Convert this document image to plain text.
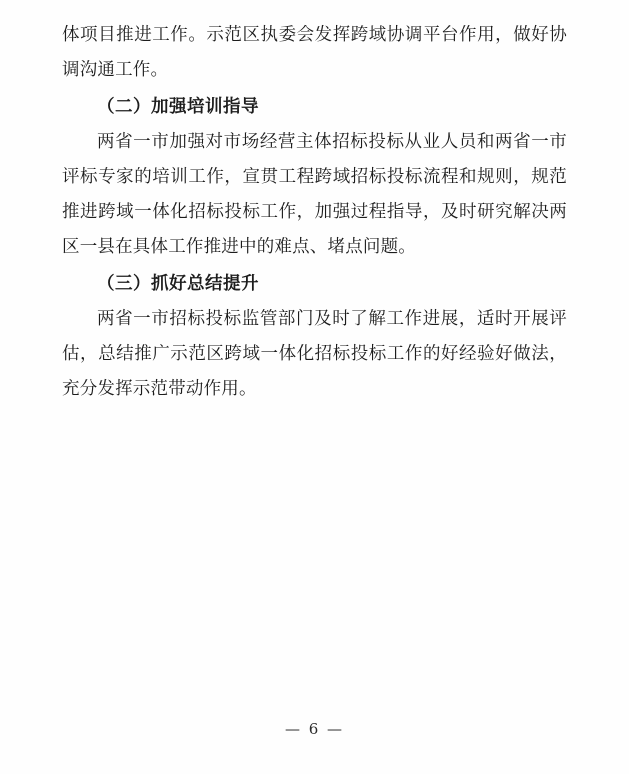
体项目推进工作。示范区执委会发挥跨域协调平台作用，做好协调沟通工作。

（二）加强培训指导

两省一市加强对市场经营主体招标投标从业人员和两省一市评标专家的培训工作，宣贯工程跨域招标投标流程和规则，规范推进跨域一体化招标投标工作，加强过程指导，及时研究解决两区一县在具体工作推进中的难点、堵点问题。

（三）抓好总结提升

两省一市招标投标监管部门及时了解工作进展，适时开展评估，总结推广示范区跨域一体化招标投标工作的好经验好做法，充分发挥示范带动作用。

— 6 —
